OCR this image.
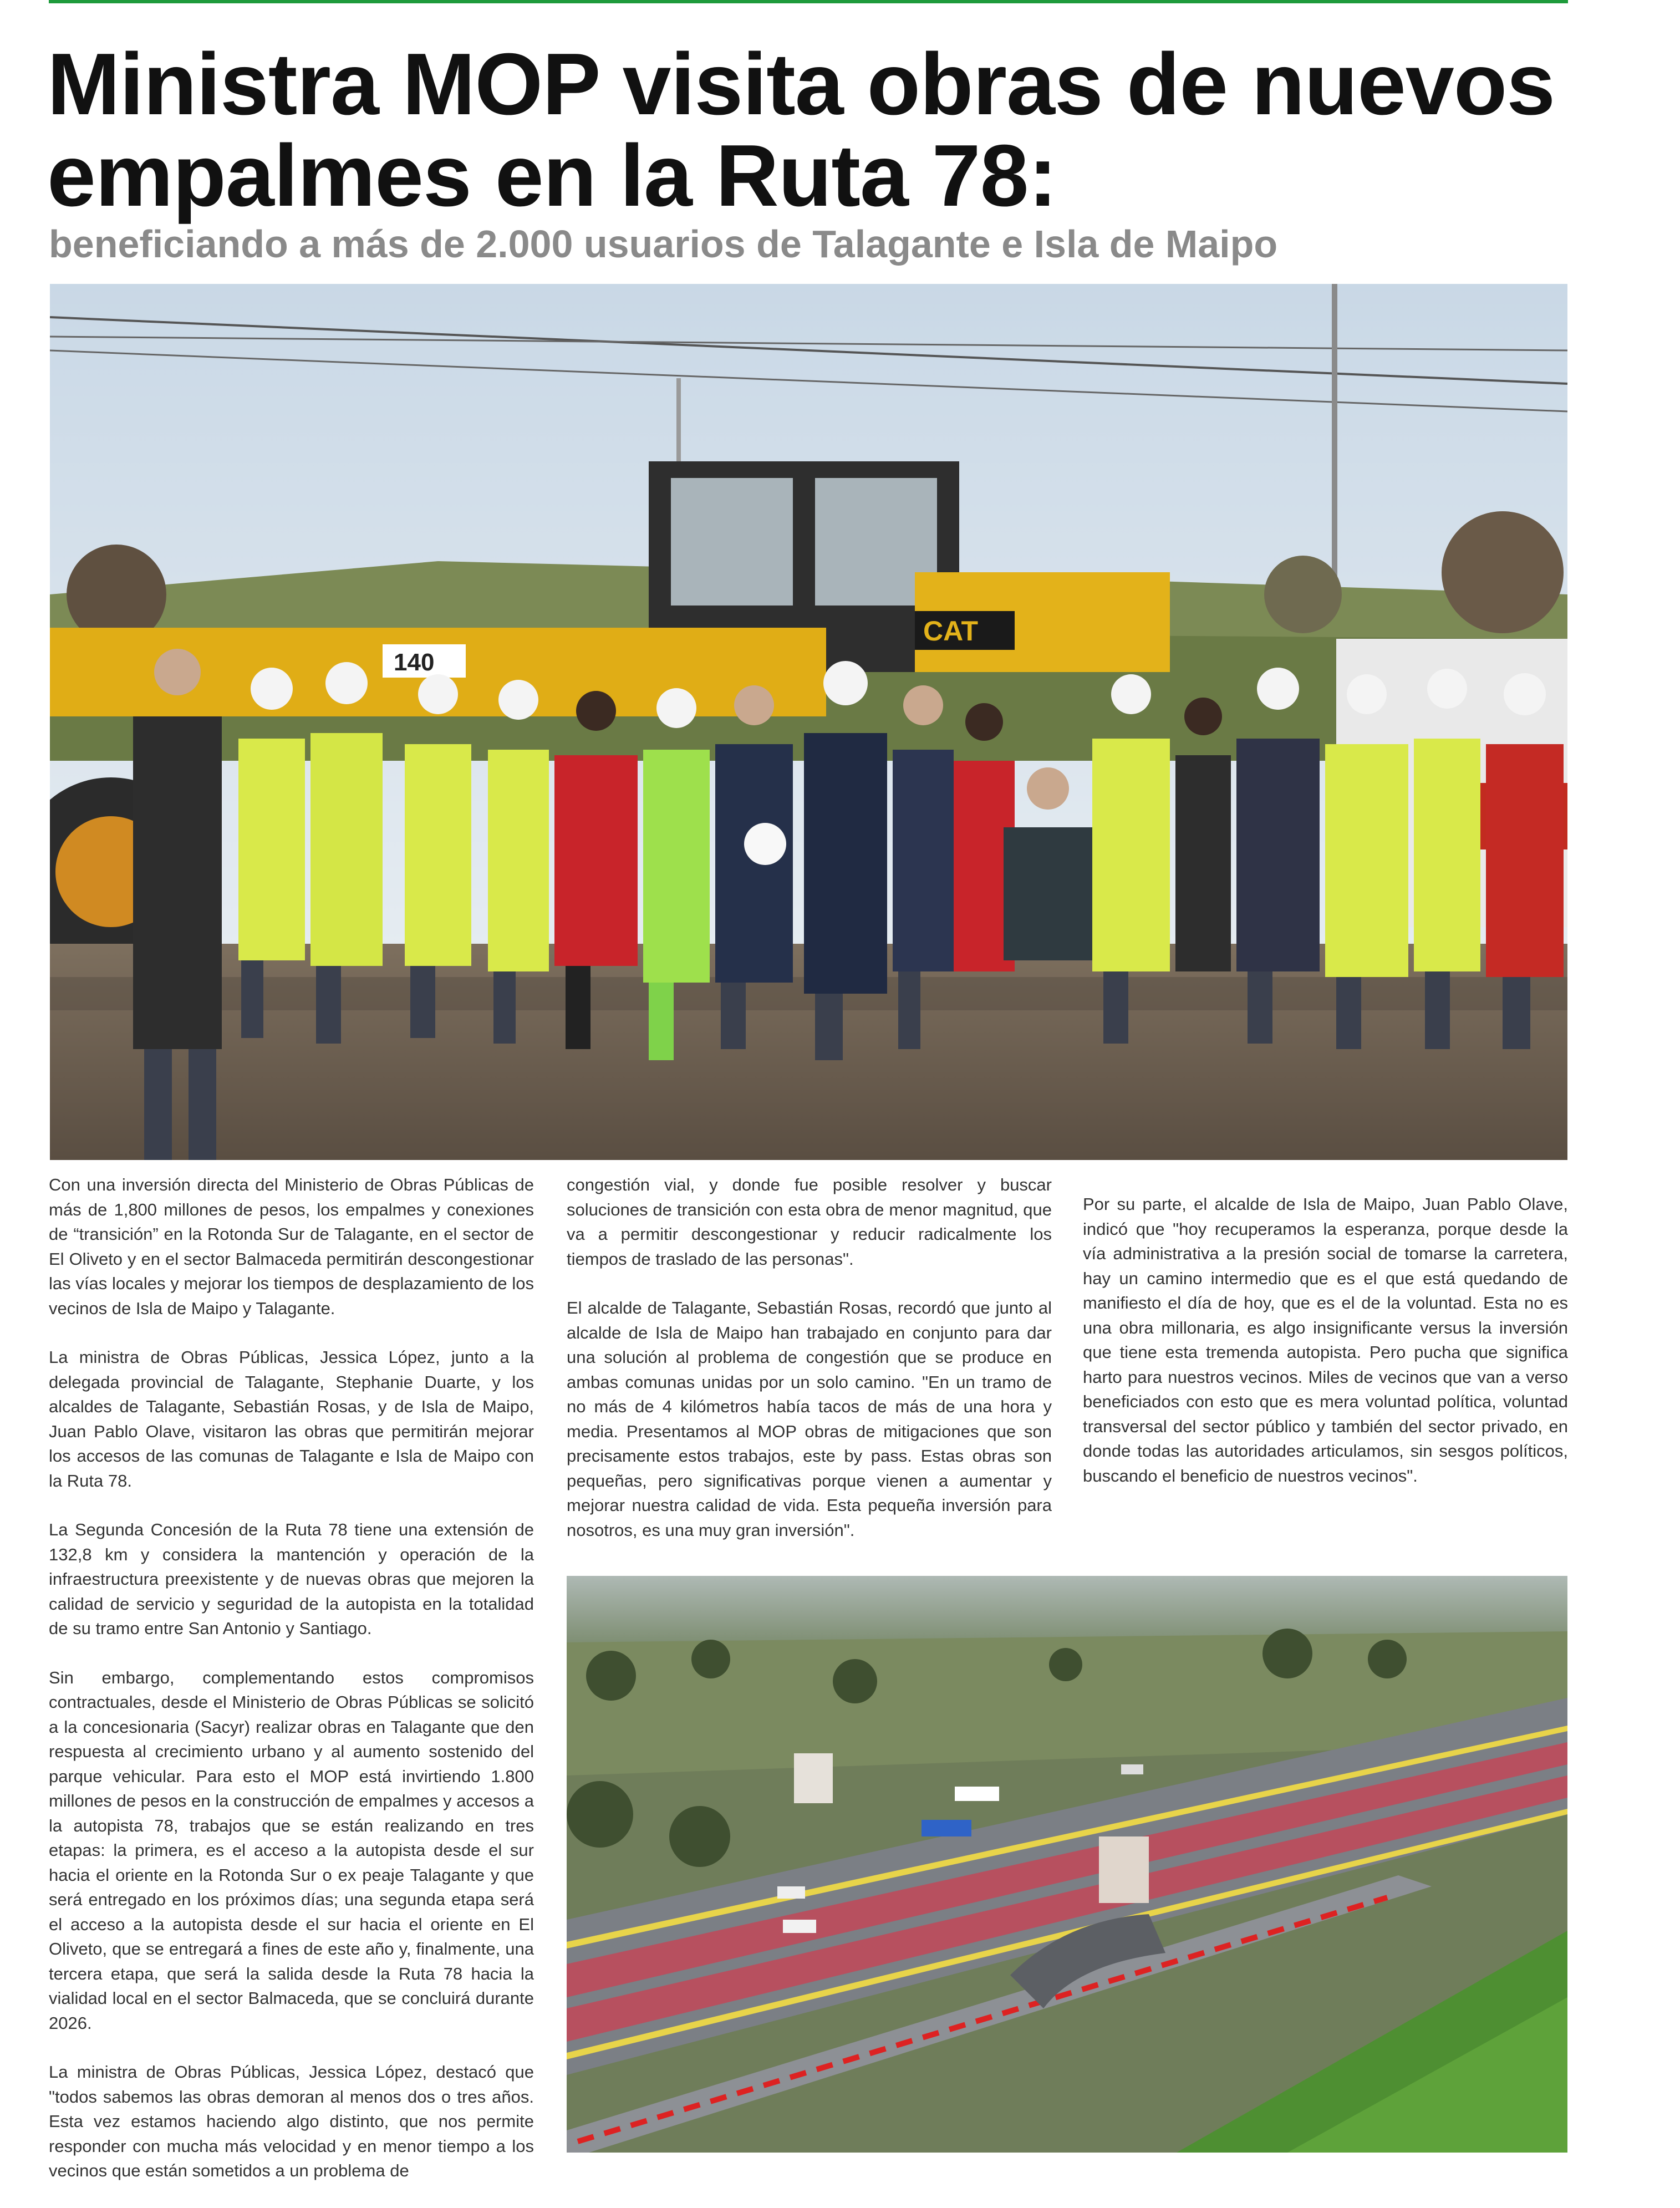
Ministra MOP visita obras de nuevos empalmes en la Ruta 78:
beneficiando a más de 2.000 usuarios de Talagante e Isla de Maipo
140
CAT

Con una inversión directa del Ministerio de Obras Públicas de más de 1,800 millones de pesos, los empalmes y conexiones de “transición” en la Rotonda Sur de Talagante, en el sector de El Oliveto y en el sector Balmaceda permitirán descongestionar las vías locales y mejorar los tiempos de desplazamiento de los vecinos de Isla de Maipo y Talagante.

La ministra de Obras Públicas, Jessica López, junto a la delegada provincial de Talagante, Stephanie Duarte, y los alcaldes de Talagante, Sebastián Rosas, y de Isla de Maipo, Juan Pablo Olave, visitaron las obras que permitirán mejorar los accesos de las comunas de Talagante e Isla de Maipo con la Ruta 78.

La Segunda Concesión de la Ruta 78 tiene una extensión de 132,8 km y considera la mantención y operación de la infraestructura preexistente y de nuevas obras que mejoren la calidad de servicio y seguridad de la autopista en la totalidad de su tramo entre San Antonio y Santiago.

Sin embargo, complementando estos compromisos contractuales, desde el Ministerio de Obras Públicas se solicitó a la concesionaria (Sacyr) realizar obras en Talagante que den respuesta al crecimiento urbano y al aumento sostenido del parque vehicular. Para esto el MOP está invirtiendo 1.800 millones de pesos en la construcción de empalmes y accesos a la autopista 78, trabajos que se están realizando en tres etapas: la primera, es el acceso a la autopista desde el sur hacia el oriente en la Rotonda Sur o ex peaje Talagante y que será entregado en los próximos días; una segunda etapa será el acceso a la autopista desde el sur hacia el oriente en El Oliveto, que se entregará a fines de este año y, finalmente, una tercera etapa, que será la salida desde la Ruta 78 hacia la vialidad local en el sector Balmaceda, que se concluirá durante 2026.

La ministra de Obras Públicas, Jessica López, destacó que "todos sabemos las obras demoran al menos dos o tres años. Esta vez estamos haciendo algo distinto, que nos permite responder con mucha más velocidad y en menor tiempo a los vecinos que están sometidos a un problema de

congestión vial, y donde fue posible resolver y buscar soluciones de transición con esta obra de menor magnitud, que va a permitir descongestionar y reducir radicalmente los tiempos de traslado de las personas".

El alcalde de Talagante, Sebastián Rosas, recordó que junto al alcalde de Isla de Maipo han trabajado en conjunto para dar una solución al problema de congestión que se produce en ambas comunas unidas por un solo camino. "En un tramo de no más de 4 kilómetros había tacos de más de una hora y media. Presentamos al MOP obras de mitigaciones que son precisamente estos trabajos, este by pass. Estas obras son pequeñas, pero significativas porque vienen a aumentar y mejorar nuestra calidad de vida. Esta pequeña inversión para nosotros, es una muy gran inversión".

Por su parte, el alcalde de Isla de Maipo, Juan Pablo Olave, indicó que "hoy recuperamos la esperanza, porque desde la vía administrativa a la presión social de tomarse la carretera, hay un camino intermedio que es el que está quedando de manifiesto el día de hoy, que es el de la voluntad. Esta no es una obra millonaria, es algo insignificante versus la inversión que tiene esta tremenda autopista. Pero pucha que significa harto para nuestros vecinos. Miles de vecinos que van a verso beneficiados con esto que es mera voluntad política, voluntad transversal del sector público y también del sector privado, en donde todas las autoridades articulamos, sin sesgos políticos, buscando el beneficio de nuestros vecinos".
